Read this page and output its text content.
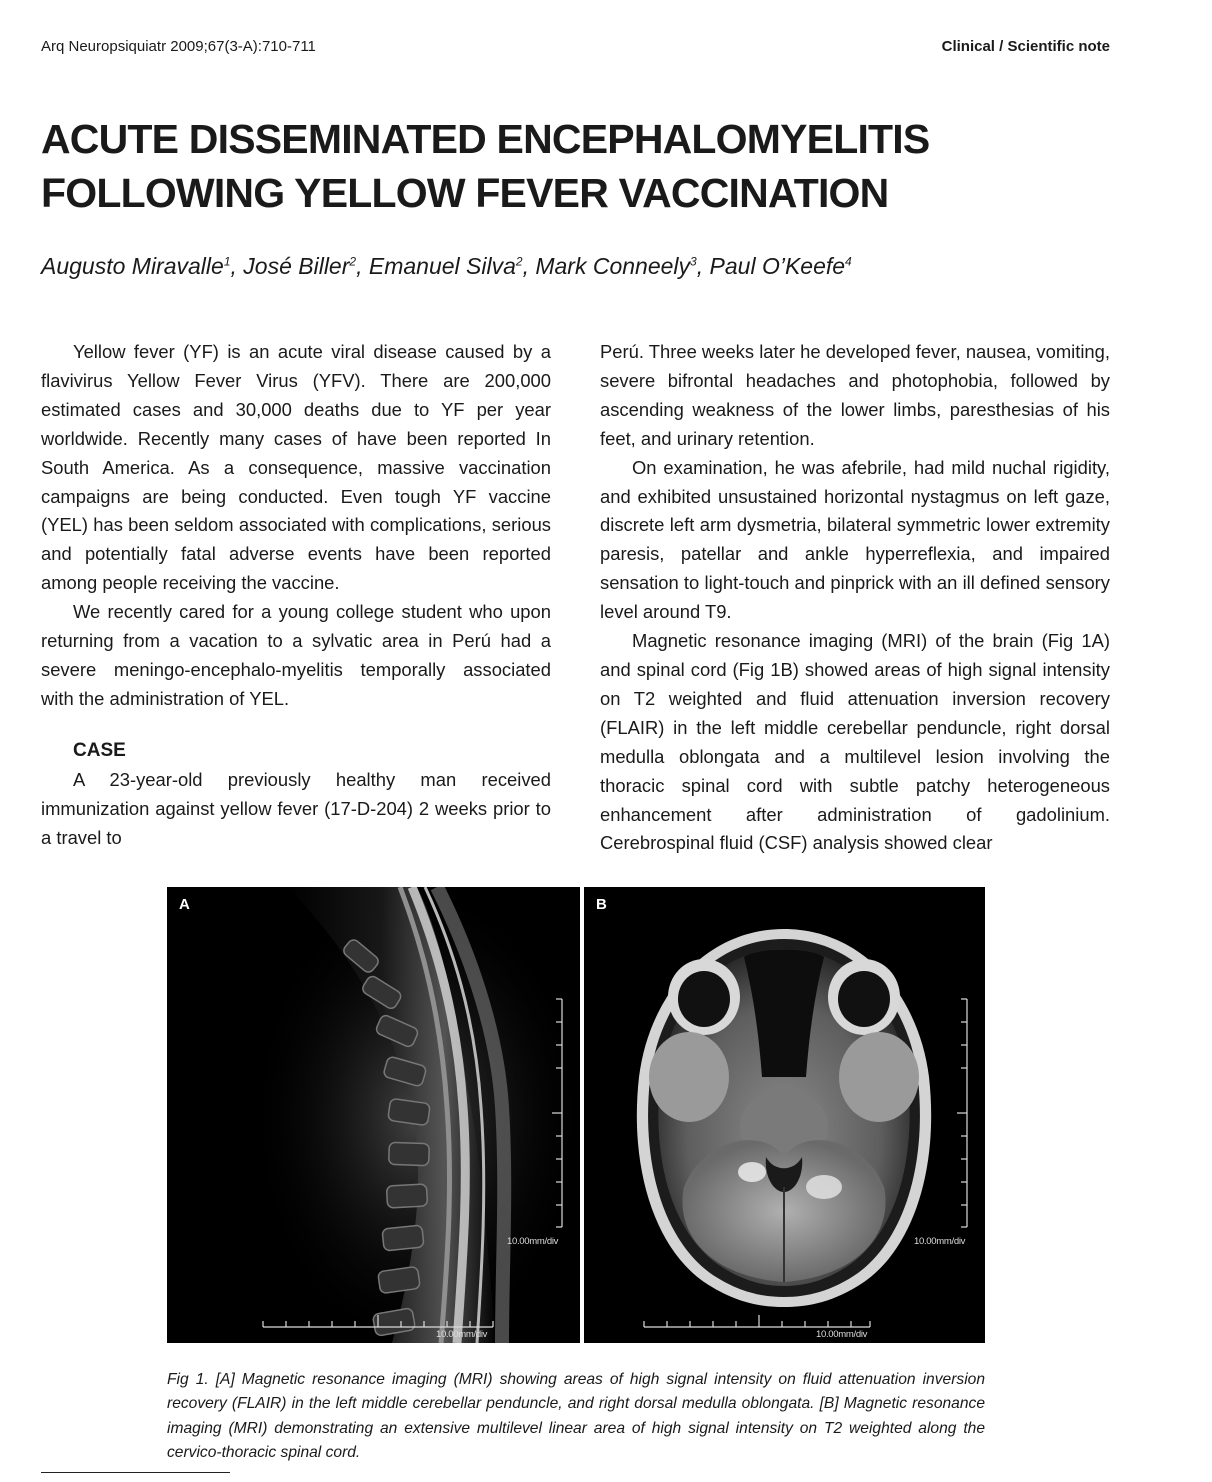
Arq Neuropsiquiatr 2009;67(3-A):710-711	Clinical / Scientific note
ACUTE DISSEMINATED ENCEPHALOMYELITIS
FOLLOWING YELLOW FEVER VACCINATION
Augusto Miravalle$^1$, José Biller$^2$, Emanuel Silva$^2$, Mark Conneely$^3$, Paul O’Keefe$^4$

Yellow fever (YF) is an acute viral disease caused by a flavivirus Yellow Fever Virus (YFV). There are 200,000 estimated cases and 30,000 deaths due to YF per year worldwide. Recently many cases of have been reported In South America. As a consequence, massive vaccination campaigns are being conducted. Even tough YF vaccine (YEL) has been seldom associated with complications, serious and potentially fatal adverse events have been reported among people receiving the vaccine.

We recently cared for a young college student who upon returning from a vacation to a sylvatic area in Perú had a severe meningo-encephalo-myelitis temporally associated with the administration of YEL.

CASE

A 23-year-old previously healthy man received immunization against yellow fever (17-D-204) 2 weeks prior to a travel to

Perú. Three weeks later he developed fever, nausea, vomiting, severe bifrontal headaches and photophobia, followed by ascending weakness of the lower limbs, paresthesias of his feet, and urinary retention.

On examination, he was afebrile, had mild nuchal rigidity, and exhibited unsustained horizontal nystagmus on left gaze, discrete left arm dysmetria, bilateral symmetric lower extremity paresis, patellar and ankle hyperreflexia, and impaired sensation to light-touch and pinprick with an ill defined sensory level around T9.

Magnetic resonance imaging (MRI) of the brain (Fig 1A) and spinal cord (Fig 1B) showed areas of high signal intensity on T2 weighted and fluid attenuation inversion recovery (FLAIR) in the left middle cerebellar penduncle, right dorsal medulla oblongata and a multilevel lesion involving the thoracic spinal cord with subtle patchy heterogeneous enhancement after administration of gadolinium. Cerebrospinal fluid (CSF) analysis showed clear

A
10.00mm/div
10.00mm/div
B
10.00mm/div
10.00mm/div

Fig 1. [A] Magnetic resonance imaging (MRI) showing areas of high signal intensity on fluid attenuation inversion recovery (FLAIR) in the left middle cerebellar penduncle, and right dorsal medulla oblongata. [B] Magnetic resonance imaging (MRI) demonstrating an extensive multilevel linear area of high signal intensity on T2 weighted along the cervico-thoracic spinal cord.
